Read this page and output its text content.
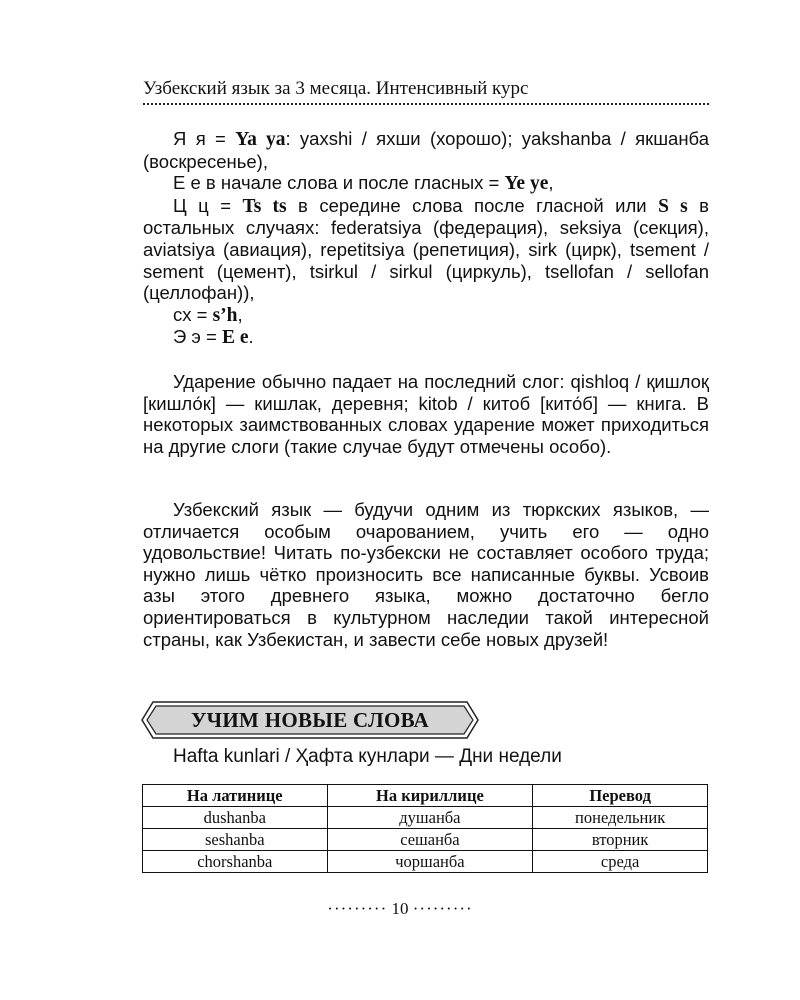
Узбекский язык за 3 месяца. Интенсивный курс

Я я = Ya ya: yaxshi / яхши (хорошо); yakshanba / якшанба (воскресенье),

Е е в начале слова и после гласных = Ye ye,

Ц ц = Ts ts в середине слова после гласной или S s в остальных случаях: federatsiya (федерация), seksiya (секция), aviatsiya (авиация), repetitsiya (репетиция), sirk (цирк), tsement / sement (цемент), tsirkul / sirkul (циркуль), tsellofan / sellofan (целлофан)),

сх = s’h,

Э э = E e.

Ударение обычно падает на последний слог: qishloq / қишлоқ [кишло́к] — кишлак, деревня; kitob / китоб [кито́б] — книга. В некоторых заимствованных словах ударение может приходиться на другие слоги (такие случае будут отмечены особо).

Узбекский язык — будучи одним из тюркских языков, — отличается особым очарованием, учить его — одно удовольствие! Читать по-узбекски не составляет особого труда; нужно лишь чётко произносить все написанные буквы. Усвоив азы этого древнего языка, можно достаточно бегло ориентироваться в культурном наследии такой интересной страны, как Узбекистан, и завести себе новых друзей!

УЧИМ НОВЫЕ СЛОВА
Hafta kunlari / Ҳафта кунлари — Дни недели
На латинице	На кириллице	Перевод
dushanba	душанба	понедельник
seshanba	сешанба	вторник
chorshanba	чоршанба	среда
········· 10 ·········
